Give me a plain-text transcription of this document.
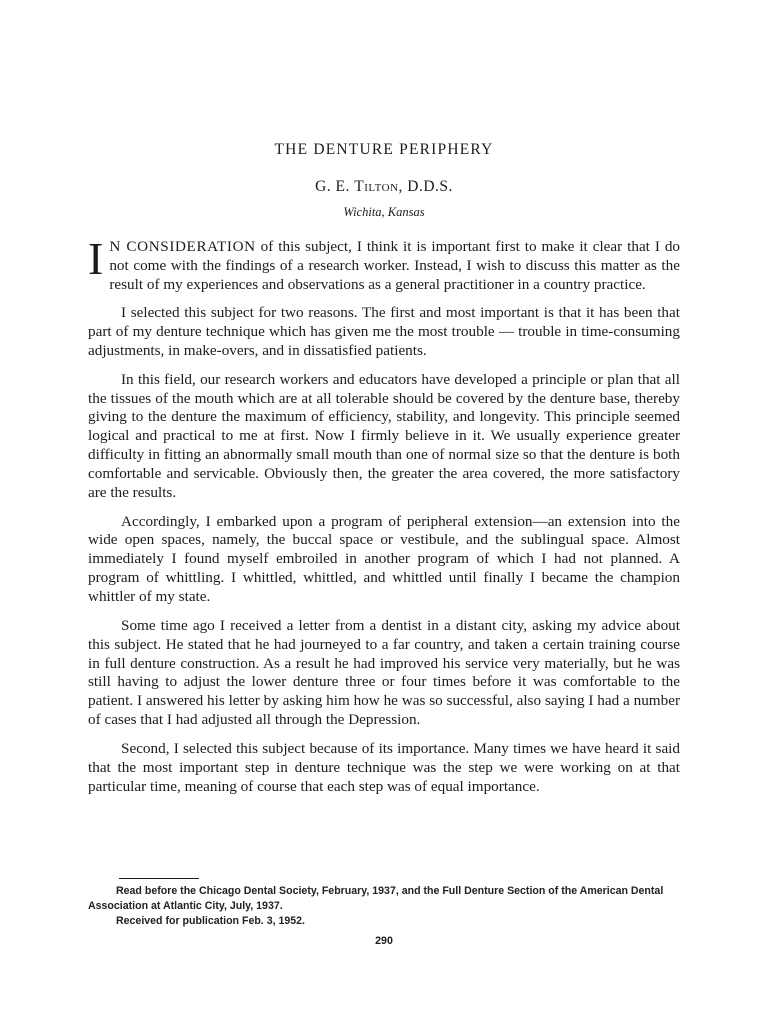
THE DENTURE PERIPHERY
G. E. Tilton, D.D.S.
Wichita, Kansas

I N CONSIDERATION of this subject, I think it is important first to make it clear that I do not come with the findings of a research worker. Instead, I wish to discuss this matter as the result of my experiences and observations as a general practitioner in a country practice.

I selected this subject for two reasons. The first and most important is that it has been that part of my denture technique which has given me the most trouble — trouble in time-consuming adjustments, in make-overs, and in dissatisfied patients.

In this field, our research workers and educators have developed a principle or plan that all the tissues of the mouth which are at all tolerable should be covered by the denture base, thereby giving to the denture the maximum of efficiency, stability, and longevity. This principle seemed logical and practical to me at first. Now I firmly believe in it. We usually experience greater difficulty in fitting an abnormally small mouth than one of normal size so that the denture is both comfortable and servicable. Obviously then, the greater the area covered, the more satisfactory are the results.

Accordingly, I embarked upon a program of peripheral extension—an extension into the wide open spaces, namely, the buccal space or vestibule, and the sublingual space. Almost immediately I found myself embroiled in another program of which I had not planned. A program of whittling. I whittled, whittled, and whittled until finally I became the champion whittler of my state.

Some time ago I received a letter from a dentist in a distant city, asking my advice about this subject. He stated that he had journeyed to a far country, and taken a certain training course in full denture construction. As a result he had improved his service very materially, but he was still having to adjust the lower denture three or four times before it was comfortable to the patient. I answered his letter by asking him how he was so successful, also saying I had a number of cases that I had adjusted all through the Depression.

Second, I selected this subject because of its importance. Many times we have heard it said that the most important step in denture technique was the step we were working on at that particular time, meaning of course that each step was of equal importance.

Read before the Chicago Dental Society, February, 1937, and the Full Denture Section of the American Dental Association at Atlantic City, July, 1937.

Received for publication Feb. 3, 1952.

290
